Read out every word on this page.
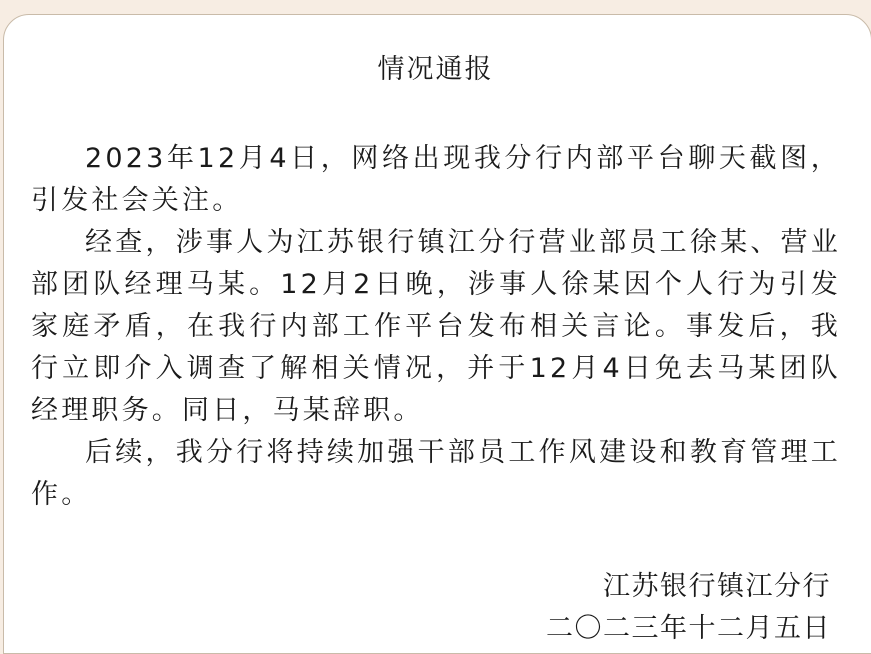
情况通报

2023年12月4日，网络出现我分行内部平台聊天截图，引发社会关注。

经查，涉事人为江苏银行镇江分行营业部员工徐某、营业部团队经理马某。12月2日晚，涉事人徐某因个人行为引发家庭矛盾，在我行内部工作平台发布相关言论。事发后，我行立即介入调查了解相关情况，并于12月4日免去马某团队经理职务。同日，马某辞职。

后续，我分行将持续加强干部员工作风建设和教育管理工作。

江苏银行镇江分行
二〇二三年十二月五日
